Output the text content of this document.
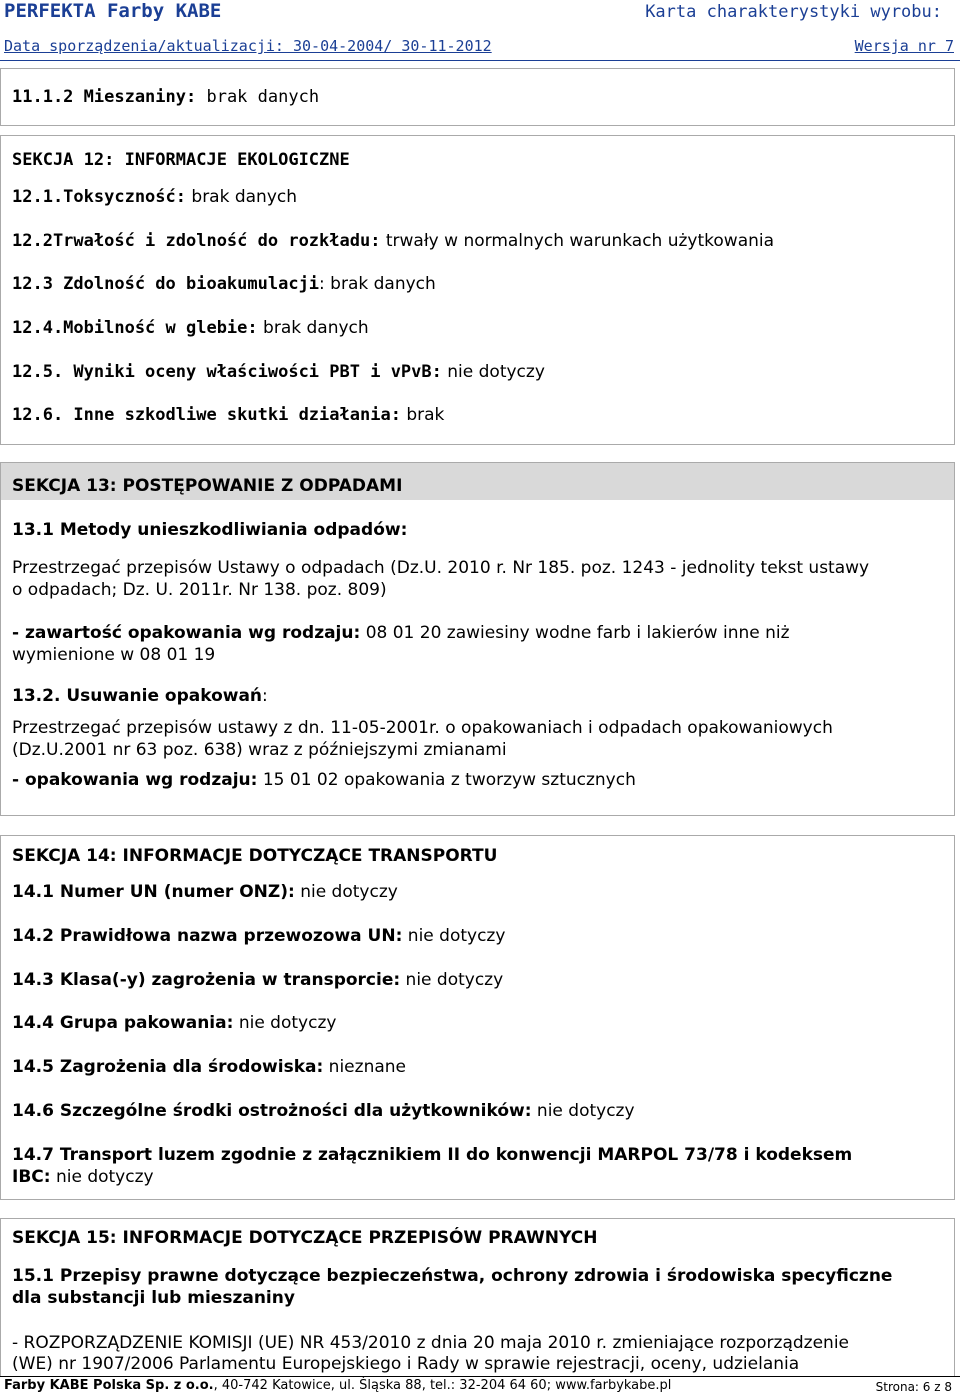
PERFEKTA Farby KABE	Karta charakterystyki wyrobu:
Data sporządzenia/aktualizacji: 30-04-2004/ 30-11-2012	Wersja nr 7
11.1.2 Mieszaniny: brak danych
SEKCJA 12: INFORMACJE EKOLOGICZNE
12.1.Toksyczność: brak danych
12.2Trwałość i zdolność do rozkładu: trwały w normalnych warunkach użytkowania
12.3 Zdolność do bioakumulacji: brak danych
12.4.Mobilność w glebie: brak danych
12.5. Wyniki oceny właściwości PBT i vPvB: nie dotyczy
12.6. Inne szkodliwe skutki działania: brak
SEKCJA 13: POSTĘPOWANIE Z ODPADAMI
13.1 Metody unieszkodliwiania odpadów:
Przestrzegać przepisów Ustawy o odpadach (Dz.U. 2010 r. Nr 185. poz. 1243 - jednolity tekst ustawy
o odpadach; Dz. U. 2011r. Nr 138. poz. 809)
- zawartość opakowania wg rodzaju: 08 01 20 zawiesiny wodne farb i lakierów inne niż
wymienione w 08 01 19
13.2. Usuwanie opakowań:
Przestrzegać przepisów ustawy z dn. 11-05-2001r. o opakowaniach i odpadach opakowaniowych
(Dz.U.2001 nr 63 poz. 638) wraz z późniejszymi zmianami
- opakowania wg rodzaju: 15 01 02 opakowania z tworzyw sztucznych
SEKCJA 14: INFORMACJE DOTYCZĄCE TRANSPORTU
14.1 Numer UN (numer ONZ): nie dotyczy
14.2 Prawidłowa nazwa przewozowa UN: nie dotyczy
14.3 Klasa(-y) zagrożenia w transporcie: nie dotyczy
14.4 Grupa pakowania: nie dotyczy
14.5 Zagrożenia dla środowiska: nieznane
14.6 Szczególne środki ostrożności dla użytkowników: nie dotyczy
14.7 Transport luzem zgodnie z załącznikiem II do konwencji MARPOL 73/78 i kodeksem
IBC: nie dotyczy
SEKCJA 15: INFORMACJE DOTYCZĄCE PRZEPISÓW PRAWNYCH
15.1 Przepisy prawne dotyczące bezpieczeństwa, ochrony zdrowia i środowiska specyficzne
dla substancji lub mieszaniny
- ROZPORZĄDZENIE KOMISJI (UE) NR 453/2010 z dnia 20 maja 2010 r. zmieniające rozporządzenie
(WE) nr 1907/2006 Parlamentu Europejskiego i Rady w sprawie rejestracji, oceny, udzielania
Farby KABE Polska Sp. z o.o., 40-742 Katowice, ul. Śląska 88, tel.: 32-204 64 60; www.farbykabe.pl	Strona: 6 z 8
